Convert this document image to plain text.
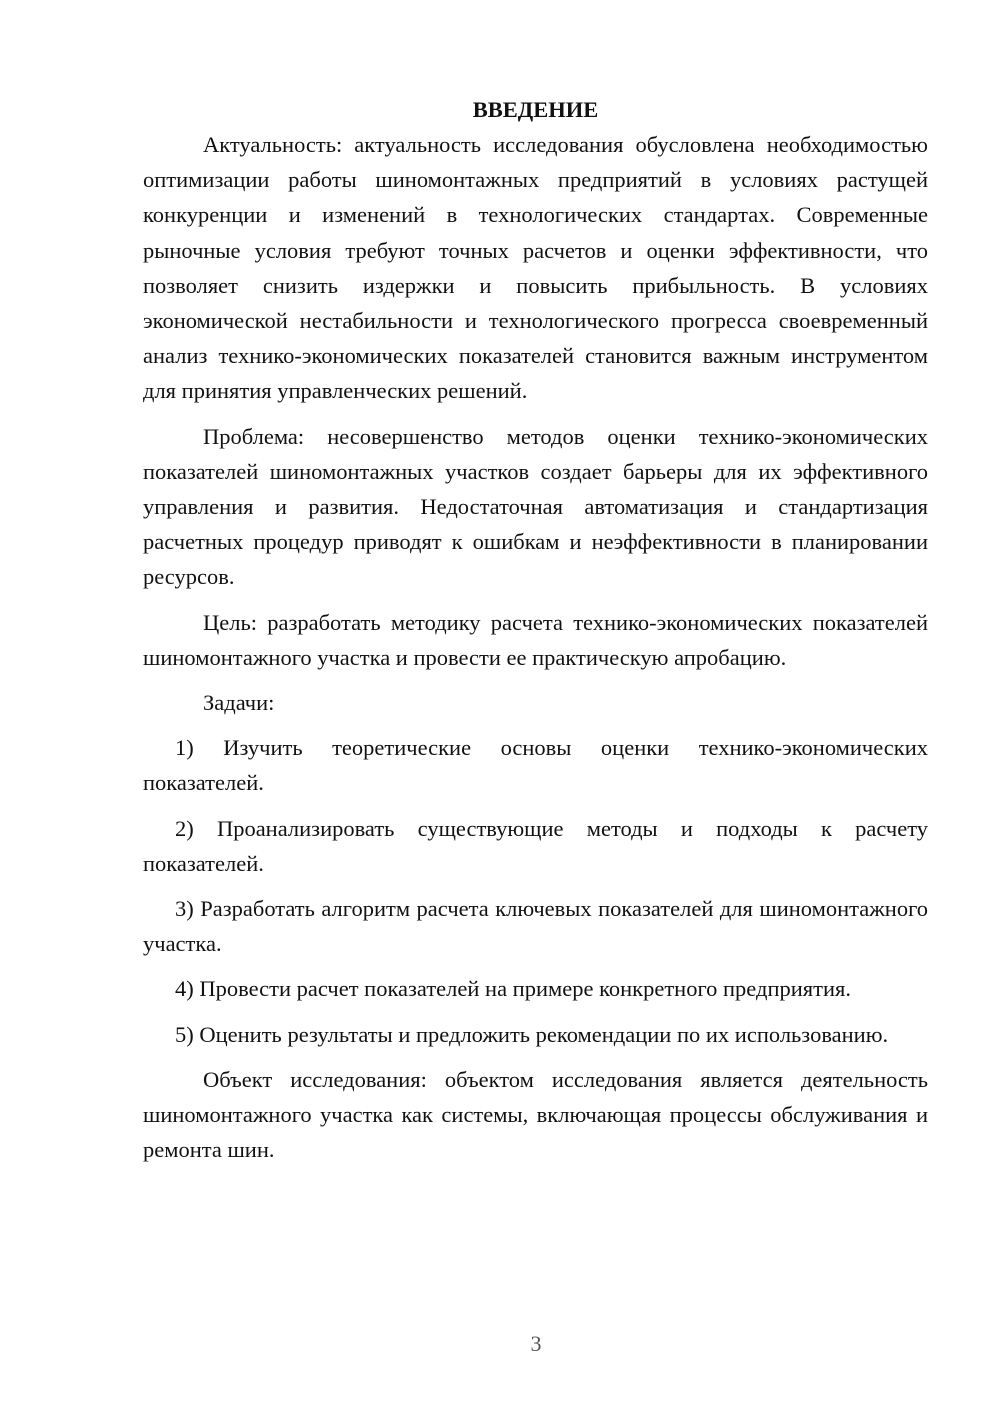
ВВЕДЕНИЕ

Актуальность: актуальность исследования обусловлена необходимостью оптимизации работы шиномонтажных предприятий в условиях растущей конкуренции и изменений в технологических стандартах. Современные рыночные условия требуют точных расчетов и оценки эффективности, что позволяет снизить издержки и повысить прибыльность. В условиях экономической нестабильности и технологического прогресса своевременный анализ технико-экономических показателей становится важным инструментом для принятия управленческих решений.

Проблема: несовершенство методов оценки технико-экономических показателей шиномонтажных участков создает барьеры для их эффективного управления и развития. Недостаточная автоматизация и стандартизация расчетных процедур приводят к ошибкам и неэффективности в планировании ресурсов.

Цель: разработать методику расчета технико-экономических показателей шиномонтажного участка и провести ее практическую апробацию.

Задачи:

1) Изучить теоретические основы оценки технико-экономических показателей.

2) Проанализировать существующие методы и подходы к расчету показателей.

3) Разработать алгоритм расчета ключевых показателей для шиномонтажного участка.

4) Провести расчет показателей на примере конкретного предприятия.

5) Оценить результаты и предложить рекомендации по их использованию.

Объект исследования: объектом исследования является деятельность шиномонтажного участка как системы, включающая процессы обслуживания и ремонта шин.

3
